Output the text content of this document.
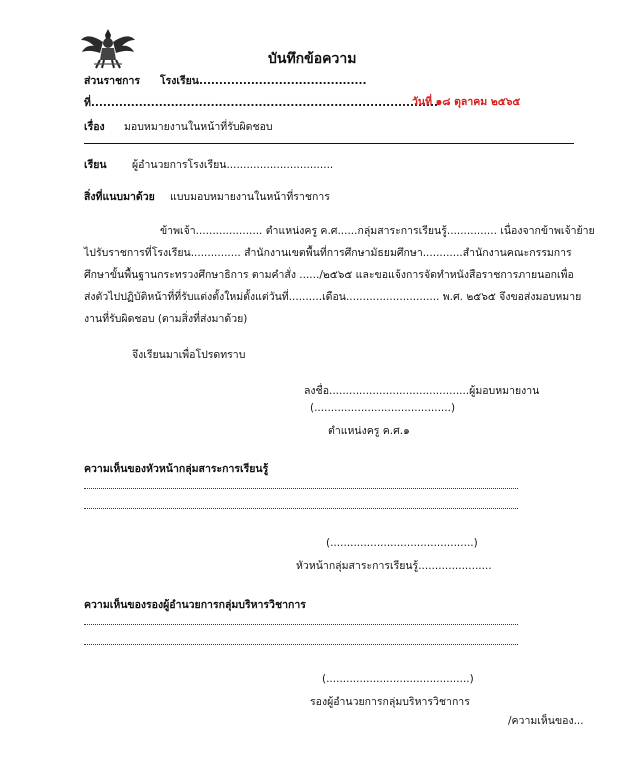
บันทึกข้อความ
ส่วนราชการ โรงเรียน..........................................
ที่.......................................................................................
วันที่ ๑๘ ตุลาคม ๒๕๖๕
เรื่อง มอบหมายงานในหน้าที่รับผิดชอบ
เรียน ผู้อำนวยการโรงเรียน................................
สิ่งที่แนบมาด้วย แบบมอบหมายงานในหน้าที่ราชการ
ข้าพเจ้า.................... ตำแหน่งครู ค.ศ......กลุ่มสาระการเรียนรู้............... เนื่องจากข้าพเจ้าย้าย
ไปรับราชการที่โรงเรียน............... สำนักงานเขตพื้นที่การศึกษามัธยมศึกษา............สำนักงานคณะกรรมการ
ศึกษาขั้นพื้นฐานกระทรวงศึกษาธิการ ตามคำสั่ง ....../๒๕๖๕ และขอแจ้งการจัดทำหนังสือราชการภายนอกเพื่อ
ส่งตัวไปปฏิบัติหน้าที่ที่รับแต่งตั้งใหม่ตั้งแต่วันที่..........เดือน............................ พ.ศ. ๒๕๖๕ จึงขอส่งมอบหมาย
งานที่รับผิดชอบ (ตามสิ่งที่ส่งมาด้วย)
จึงเรียนมาเพื่อโปรดทราบ
ลงชื่อ..........................................ผู้มอบหมายงาน
(.........................................)
ตำแหน่งครู ค.ศ.๑
ความเห็นของหัวหน้ากลุ่มสาระการเรียนรู้
(...........................................)
หัวหน้ากลุ่มสาระการเรียนรู้......................
ความเห็นของรองผู้อำนวยการกลุ่มบริหารวิชาการ
(...........................................)
รองผู้อำนวยการกลุ่มบริหารวิชาการ
/ความเห็นของ...
